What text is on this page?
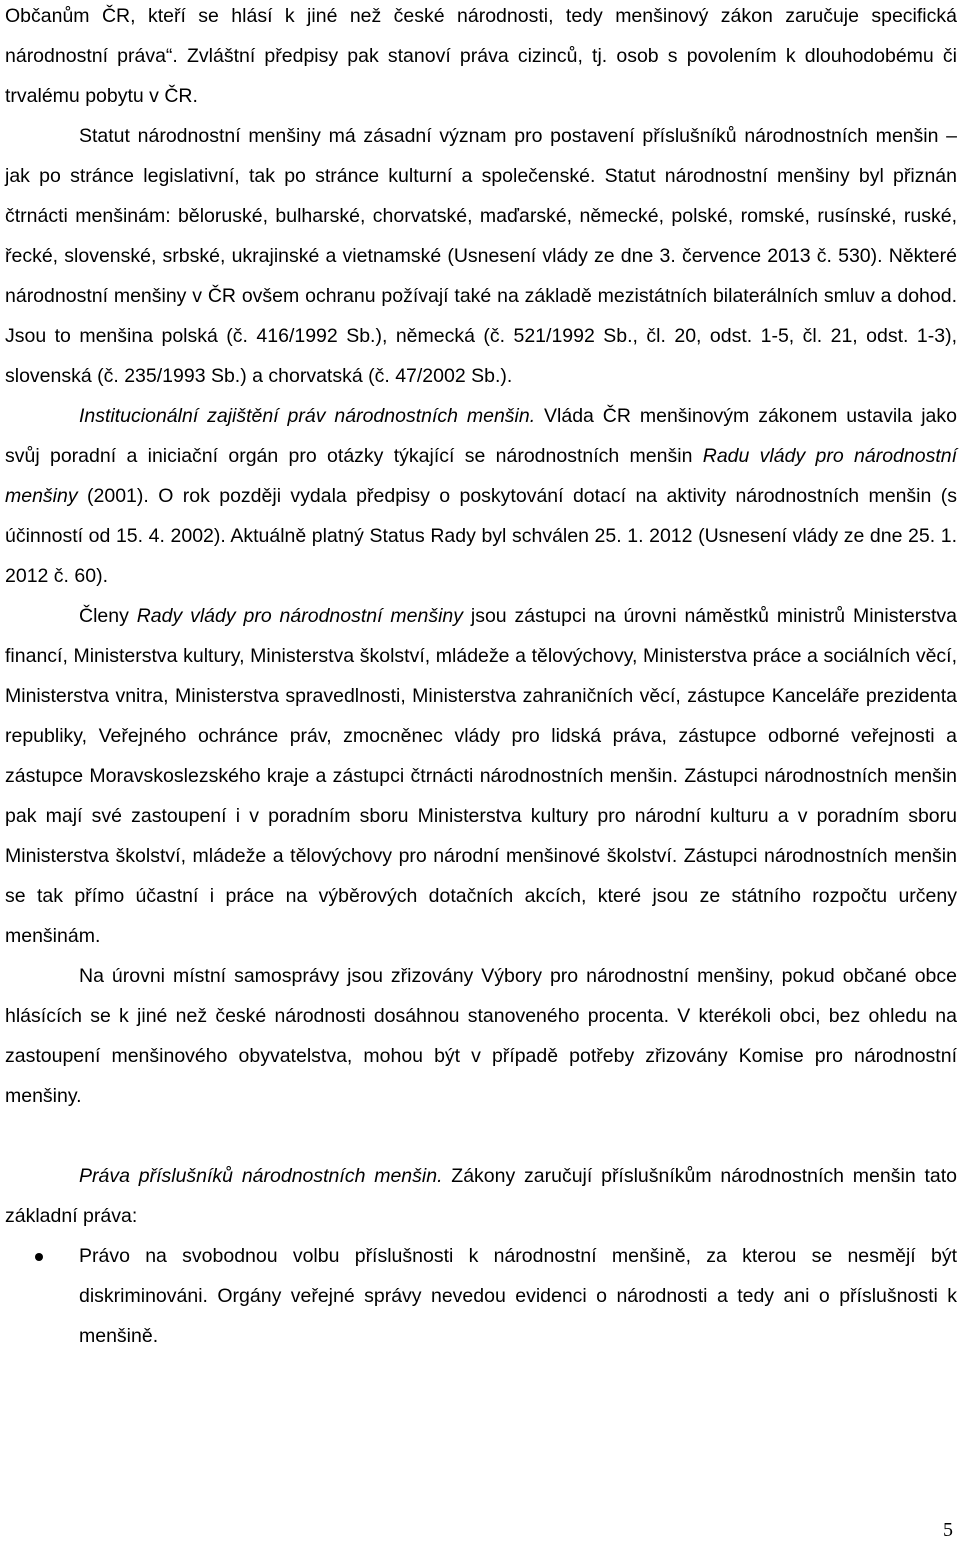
Občanům ČR, kteří se hlásí k jiné než české národnosti, tedy menšinový zákon zaručuje specifická národnostní práva“. Zvláštní předpisy pak stanoví práva cizinců, tj. osob s povolením k dlouhodobému či trvalému pobytu v ČR.

Statut národnostní menšiny má zásadní význam pro postavení příslušníků národnostních menšin – jak po stránce legislativní, tak po stránce kulturní a společenské. Statut národnostní menšiny byl přiznán čtrnácti menšinám: běloruské, bulharské, chorvatské, maďarské, německé, polské, romské, rusínské, ruské, řecké, slovenské, srbské, ukrajinské a vietnamské (Usnesení vlády ze dne 3. července 2013 č. 530). Některé národnostní menšiny v ČR ovšem ochranu požívají také na základě mezistátních bilaterálních smluv a dohod. Jsou to menšina polská (č. 416/1992 Sb.), německá (č. 521/1992 Sb., čl. 20, odst. 1-5, čl. 21, odst. 1-3), slovenská (č. 235/1993 Sb.) a chorvatská (č. 47/2002 Sb.).

Institucionální zajištění práv národnostních menšin. Vláda ČR menšinovým zákonem ustavila jako svůj poradní a iniciační orgán pro otázky týkající se národnostních menšin Radu vlády pro národnostní menšiny (2001). O rok později vydala předpisy o poskytování dotací na aktivity národnostních menšin (s účinností od 15. 4. 2002). Aktuálně platný Status Rady byl schválen 25. 1. 2012 (Usnesení vlády ze dne 25. 1. 2012 č. 60).

Členy Rady vlády pro národnostní menšiny jsou zástupci na úrovni náměstků ministrů Ministerstva financí, Ministerstva kultury, Ministerstva školství, mládeže a tělovýchovy, Ministerstva práce a sociálních věcí, Ministerstva vnitra, Ministerstva spravedlnosti, Ministerstva zahraničních věcí, zástupce Kanceláře prezidenta republiky, Veřejného ochránce práv, zmocněnec vlády pro lidská práva, zástupce odborné veřejnosti a zástupce Moravskoslezského kraje a zástupci čtrnácti národnostních menšin. Zástupci národnostních menšin pak mají své zastoupení i v poradním sboru Ministerstva kultury pro národní kulturu a v poradním sboru Ministerstva školství, mládeže a tělovýchovy pro národní menšinové školství. Zástupci národnostních menšin se tak přímo účastní i práce na výběrových dotačních akcích, které jsou ze státního rozpočtu určeny menšinám.

Na úrovni místní samosprávy jsou zřizovány Výbory pro národnostní menšiny, pokud občané obce hlásících se k jiné než české národnosti dosáhnou stanoveného procenta. V kterékoli obci, bez ohledu na zastoupení menšinového obyvatelstva, mohou být v případě potřeby zřizovány Komise pro národnostní menšiny.

Práva příslušníků národnostních menšin. Zákony zaručují příslušníkům národnostních menšin tato základní práva:

Právo na svobodnou volbu příslušnosti k národnostní menšině, za kterou se nesmějí být diskriminováni. Orgány veřejné správy nevedou evidenci o národnosti a tedy ani o příslušnosti k menšině.
5
